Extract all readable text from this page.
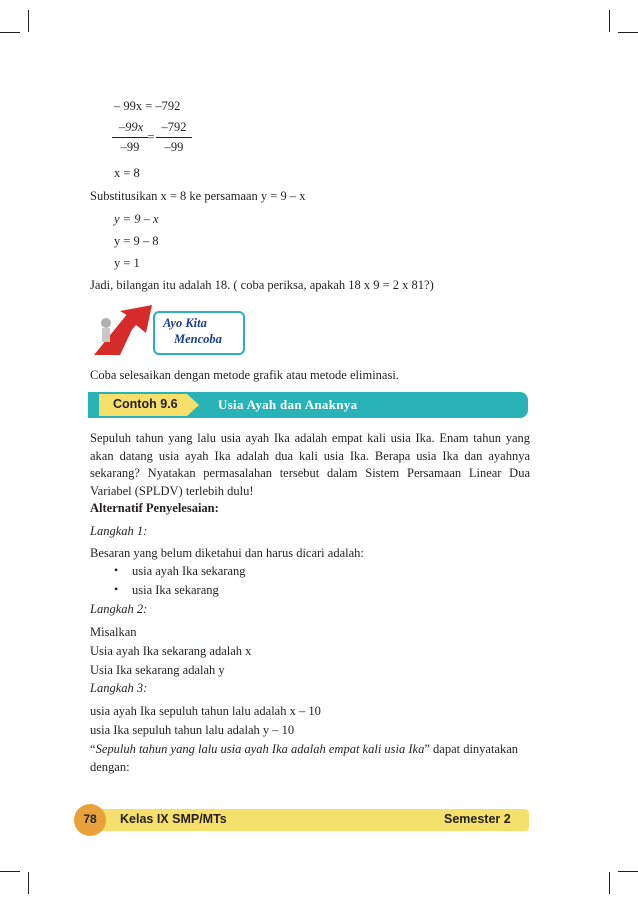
– 99x = –792
–99x
–99
=
–792
–99
x = 8
Substitusikan x = 8 ke persamaan y = 9 – x
y = 9 – x
y = 9 – 8
y = 1
Jadi, bilangan itu adalah 18. ( coba periksa, apakah 18 x 9 = 2 x 81?)
Ayo Kita
Mencoba
Coba selesaikan dengan metode grafik atau metode eliminasi.
Contoh 9.6	Usia Ayah dan Anaknya
Sepuluh tahun yang lalu usia ayah Ika adalah empat kali usia Ika. Enam tahun yang akan datang usia ayah Ika adalah dua kali usia Ika. Berapa usia Ika dan ayahnya sekarang? Nyatakan permasalahan tersebut dalam Sistem Persamaan Linear Dua Variabel (SPLDV) terlebih dulu!
Alternatif Penyelesaian:
Langkah 1:
Besaran yang belum diketahui dan harus dicari adalah:
• usia ayah Ika sekarang
• usia Ika sekarang
Langkah 2:
Misalkan
Usia ayah Ika sekarang adalah x
Usia Ika sekarang adalah y
Langkah 3:
usia ayah Ika sepuluh tahun lalu adalah x – 10
usia Ika sepuluh tahun lalu adalah y – 10
“Sepuluh tahun yang lalu usia ayah Ika adalah empat kali usia Ika” dapat dinyatakan
dengan:
78	Kelas IX SMP/MTs	Semester 2
